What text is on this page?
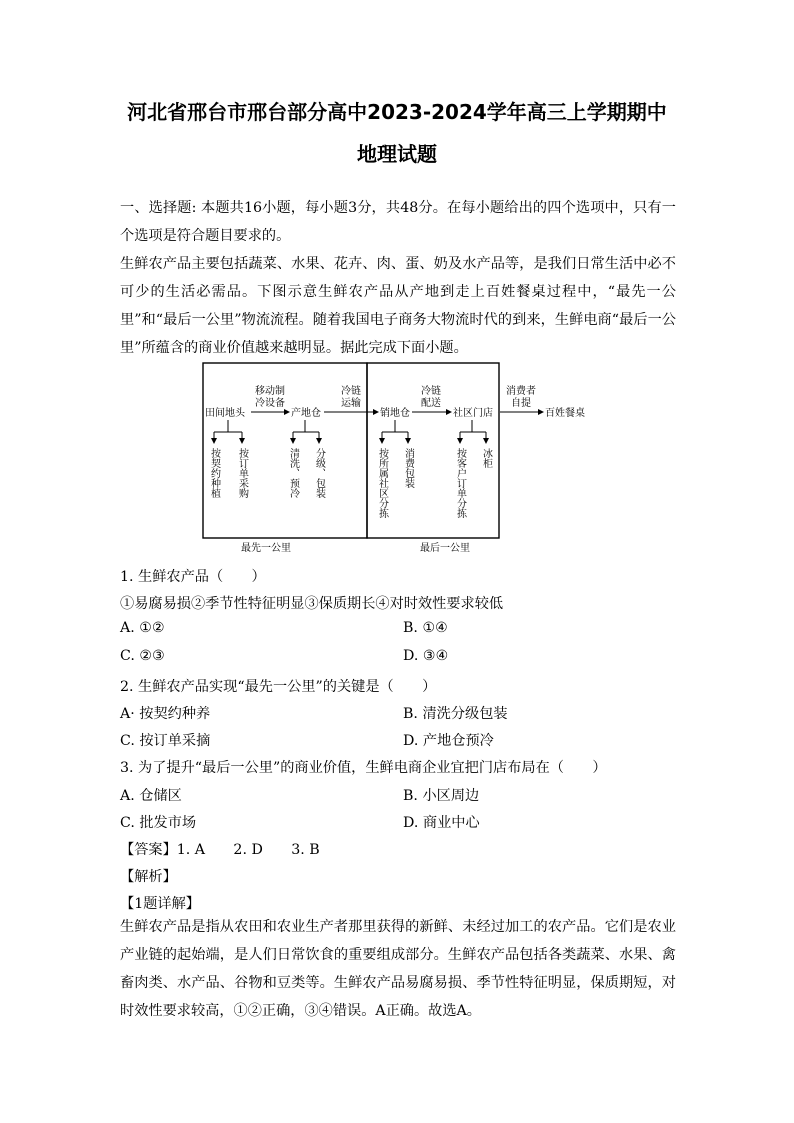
河北省邢台市邢台部分高中2023-2024学年高三上学期期中
地理试题

一、选择题: 本题共16小题，每小题3分，共48分。在每小题给出的四个选项中，只有一个选项是符合题目要求的。

生鲜农产品主要包括蔬菜、水果、花卉、肉、蛋、奶及水产品等，是我们日常生活中必不可少的生活必需品。下图示意生鲜农产品从产地到走上百姓餐桌过程中，“最先一公里”和“最后一公里”物流流程。随着我国电子商务大物流时代的到来，生鲜电商“最后一公里”所蕴含的商业价值越来越明显。据此完成下面小题。

最先一公里	最后一公里
田间地头	产地仓	销地仓	社区门店	百姓餐桌
移动制
冷设备
冷链
运输
冷链
配送
消费者
自提
按契约种植 按订单采购	清洗、预冷 分级、包装	按所属社区分拣 消费包装	按客户订单分拣 冰柜
1. 生鲜农产品（　　）
①易腐易损②季节性特征明显③保质期长④对时效性要求较低
A. ①②	B. ①④
C. ②③	D. ③④
2. 生鲜农产品实现“最先一公里”的关键是（　　）
A· 按契约种养	B. 清洗分级包装
C. 按订单采摘	D. 产地仓预冷
3. 为了提升“最后一公里”的商业价值，生鲜电商企业宜把门店布局在（　　）
A. 仓储区	B. 小区周边
C. 批发市场	D. 商业中心
【答案】1. A　　2. D　　3. B
【解析】
【1题详解】
生鲜农产品是指从农田和农业生产者那里获得的新鲜、未经过加工的农产品。它们是农业产业链的起始端，是人们日常饮食的重要组成部分。生鲜农产品包括各类蔬菜、水果、禽畜肉类、水产品、谷物和豆类等。生鲜农产品易腐易损、季节性特征明显，保质期短，对时效性要求较高，①②正确，③④错误。A正确。故选A。
